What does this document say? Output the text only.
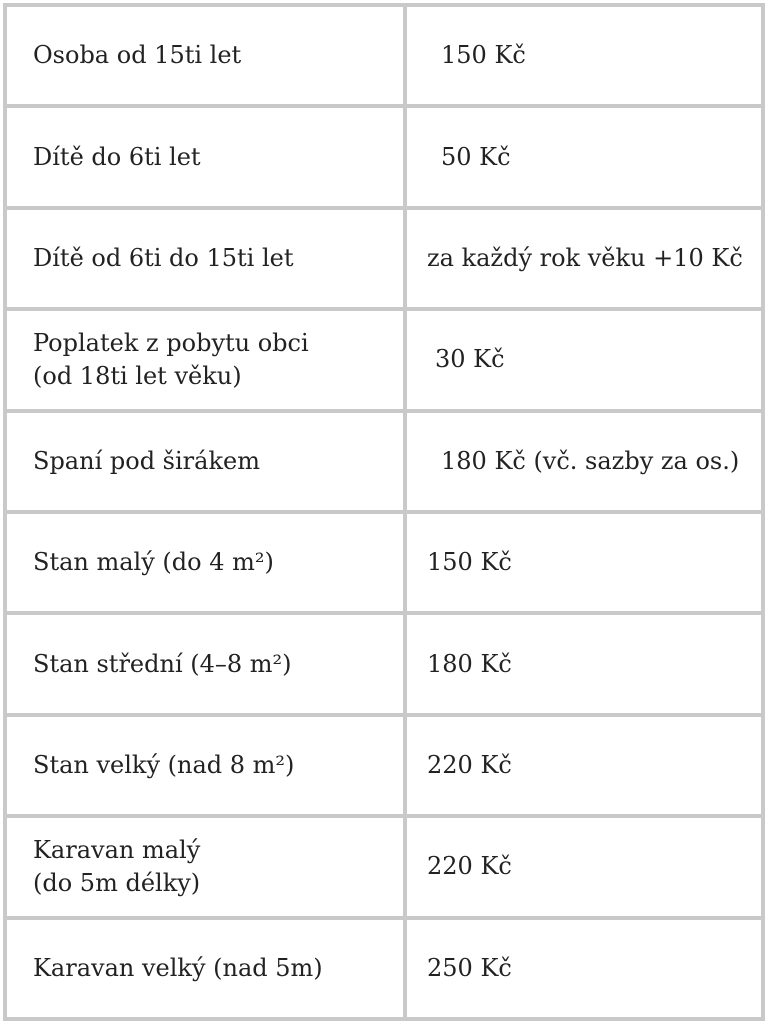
Osoba od 15ti let	150 Kč

Dítě do 6ti let	50 Kč

Dítě od 6ti do 15ti let	za každý rok věku +10 Kč

Poplatek z pobytu obci
(od 18ti let věku)	30 Kč

Spaní pod širákem	180 Kč (vč. sazby za os.)

Stan malý (do 4 m²)	150 Kč

Stan střední (4–8 m²)	180 Kč

Stan velký (nad 8 m²)	220 Kč

Karavan malý
(do 5m délky)	220 Kč

Karavan velký (nad 5m)	250 Kč
